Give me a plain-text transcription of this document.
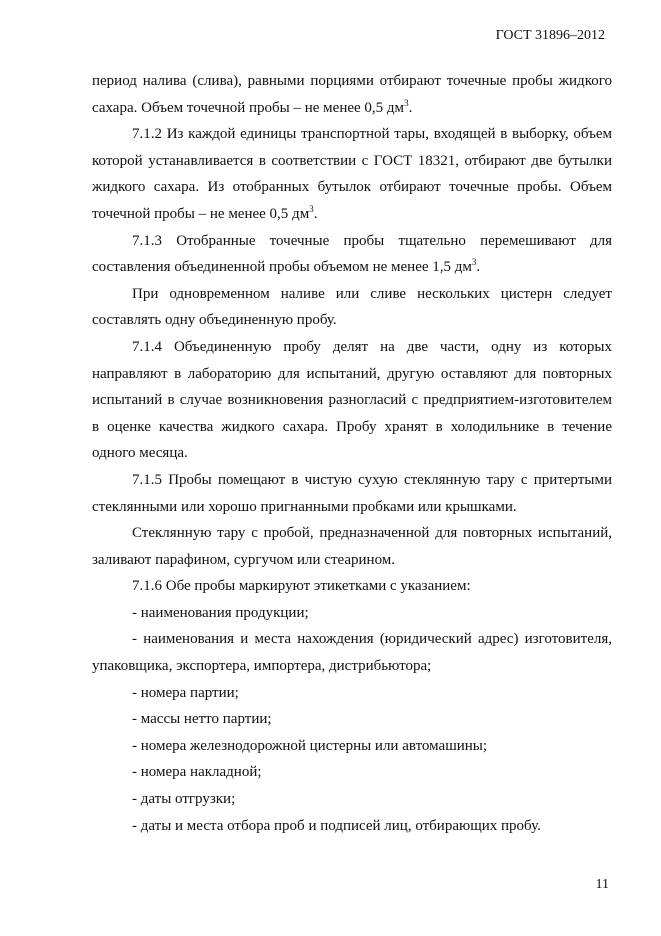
ГОСТ 31896–2012

период налива (слива), равными порциями отбирают точечные пробы жидкого сахара. Объем точечной пробы – не менее 0,5 $дм^3$.

7.1.2 Из каждой единицы транспортной тары, входящей в выборку, объем которой устанавливается в соответствии с ГОСТ 18321, отбирают две бутылки жидкого сахара. Из отобранных бутылок отбирают точечные пробы. Объем точечной пробы – не менее 0,5 $дм^3$.

7.1.3 Отобранные точечные пробы тщательно перемешивают для составления объединенной пробы объемом не менее 1,5 $дм^3$.

При одновременном наливе или сливе нескольких цистерн следует составлять одну объединенную пробу.

7.1.4 Объединенную пробу делят на две части, одну из которых направляют в лабораторию для испытаний, другую оставляют для повторных испытаний в случае возникновения разногласий с предприятием-изготовителем в оценке качества жидкого сахара. Пробу хранят в холодильнике в течение одного месяца.

7.1.5 Пробы помещают в чистую сухую стеклянную тару с притертыми стеклянными или хорошо пригнанными пробками или крышками.

Стеклянную тару с пробой, предназначенной для повторных испытаний, заливают парафином, сургучом или стеарином.

7.1.6 Обе пробы маркируют этикетками с указанием:

- наименования продукции;

- наименования и места нахождения (юридический адрес) изготовителя, упаковщика, экспортера, импортера, дистрибьютора;

- номера партии;

- массы нетто партии;

- номера железнодорожной цистерны или автомашины;

- номера накладной;

- даты отгрузки;

- даты и места отбора проб и подписей лиц, отбирающих пробу.

11
